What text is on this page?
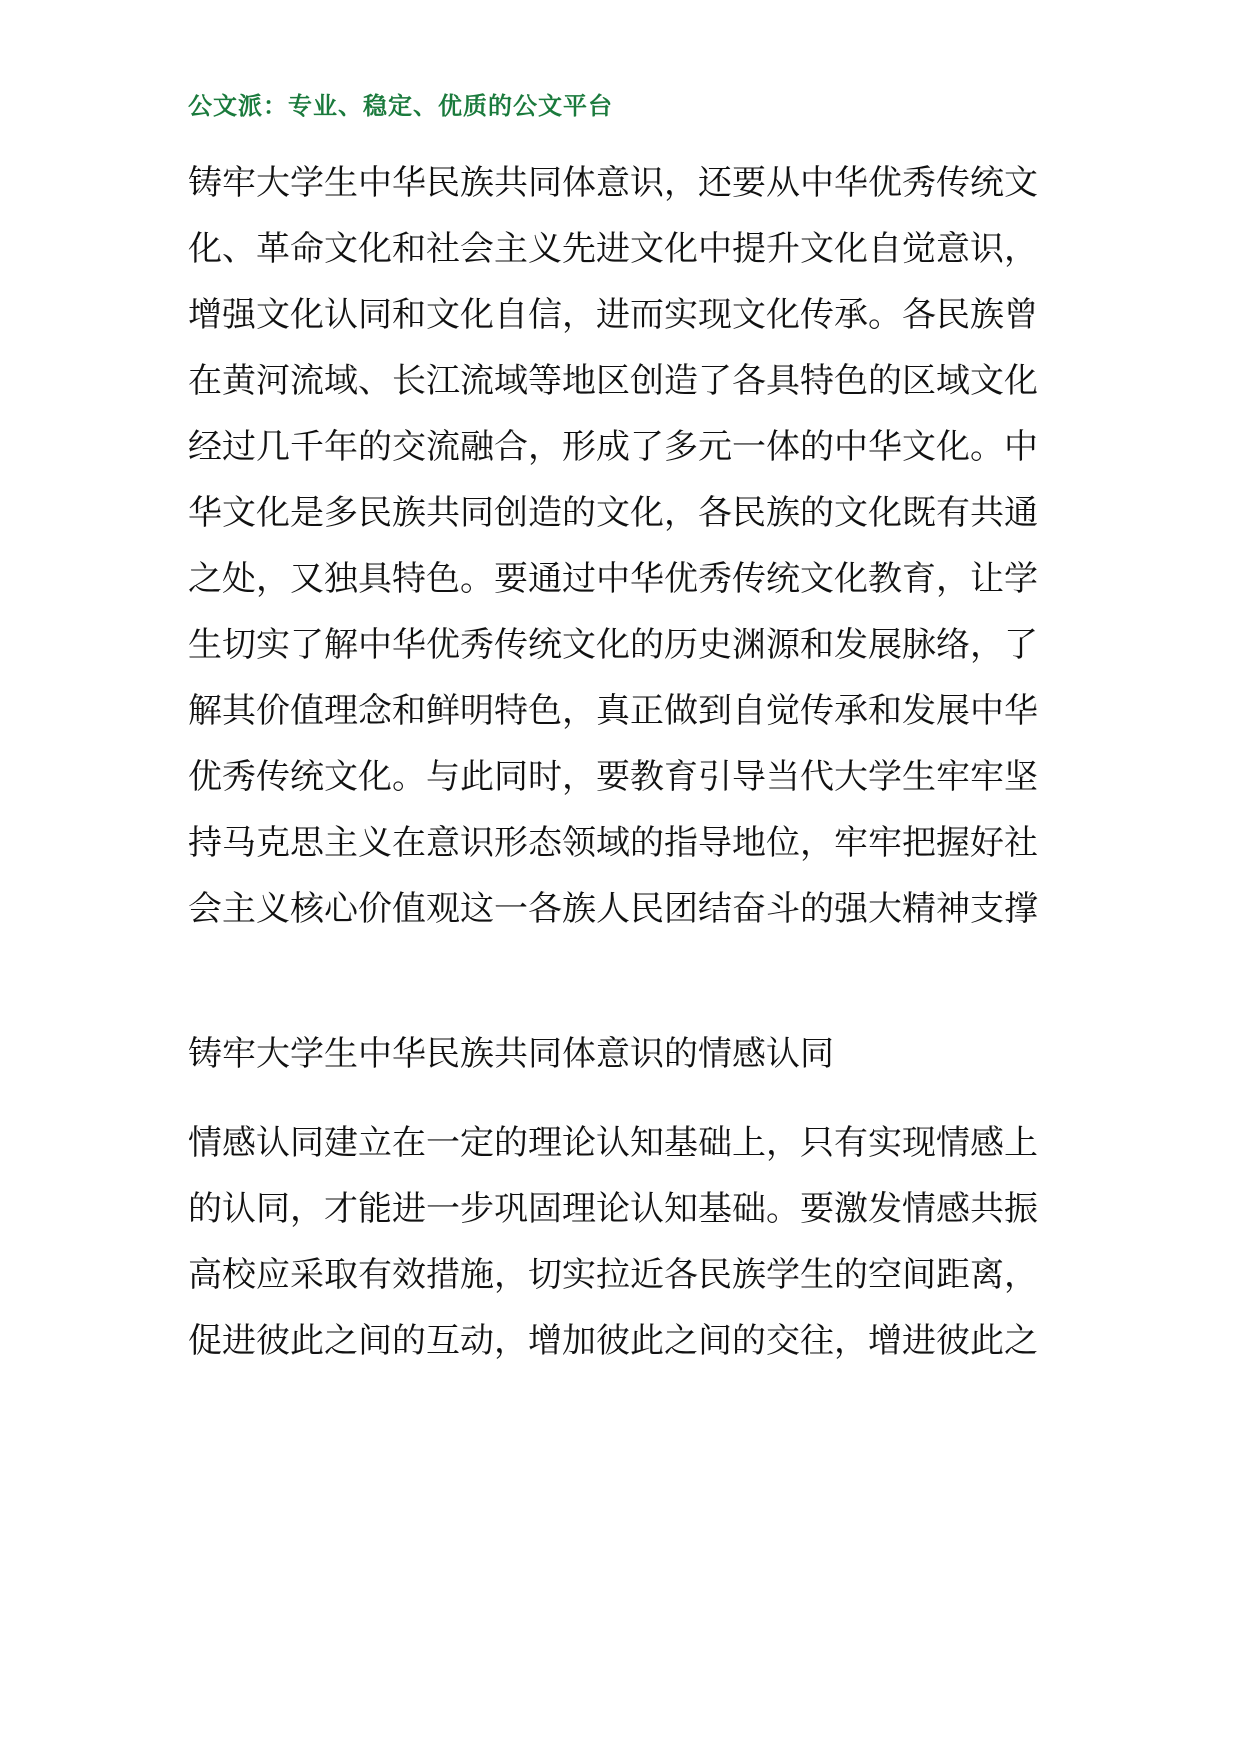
公文派：专业、稳定、优质的公文平台
铸牢大学生中华民族共同体意识，还要从中华优秀传统文
化、革命文化和社会主义先进文化中提升文化自觉意识，
增强文化认同和文化自信，进而实现文化传承。各民族曾
在黄河流域、长江流域等地区创造了各具特色的区域文化
经过几千年的交流融合，形成了多元一体的中华文化。中
华文化是多民族共同创造的文化，各民族的文化既有共通
之处，又独具特色。要通过中华优秀传统文化教育，让学
生切实了解中华优秀传统文化的历史渊源和发展脉络，了
解其价值理念和鲜明特色，真正做到自觉传承和发展中华
优秀传统文化。与此同时，要教育引导当代大学生牢牢坚
持马克思主义在意识形态领域的指导地位，牢牢把握好社
会主义核心价值观这一各族人民团结奋斗的强大精神支撑
铸牢大学生中华民族共同体意识的情感认同
情感认同建立在一定的理论认知基础上，只有实现情感上
的认同，才能进一步巩固理论认知基础。要激发情感共振
高校应采取有效措施，切实拉近各民族学生的空间距离，
促进彼此之间的互动，增加彼此之间的交往，增进彼此之
